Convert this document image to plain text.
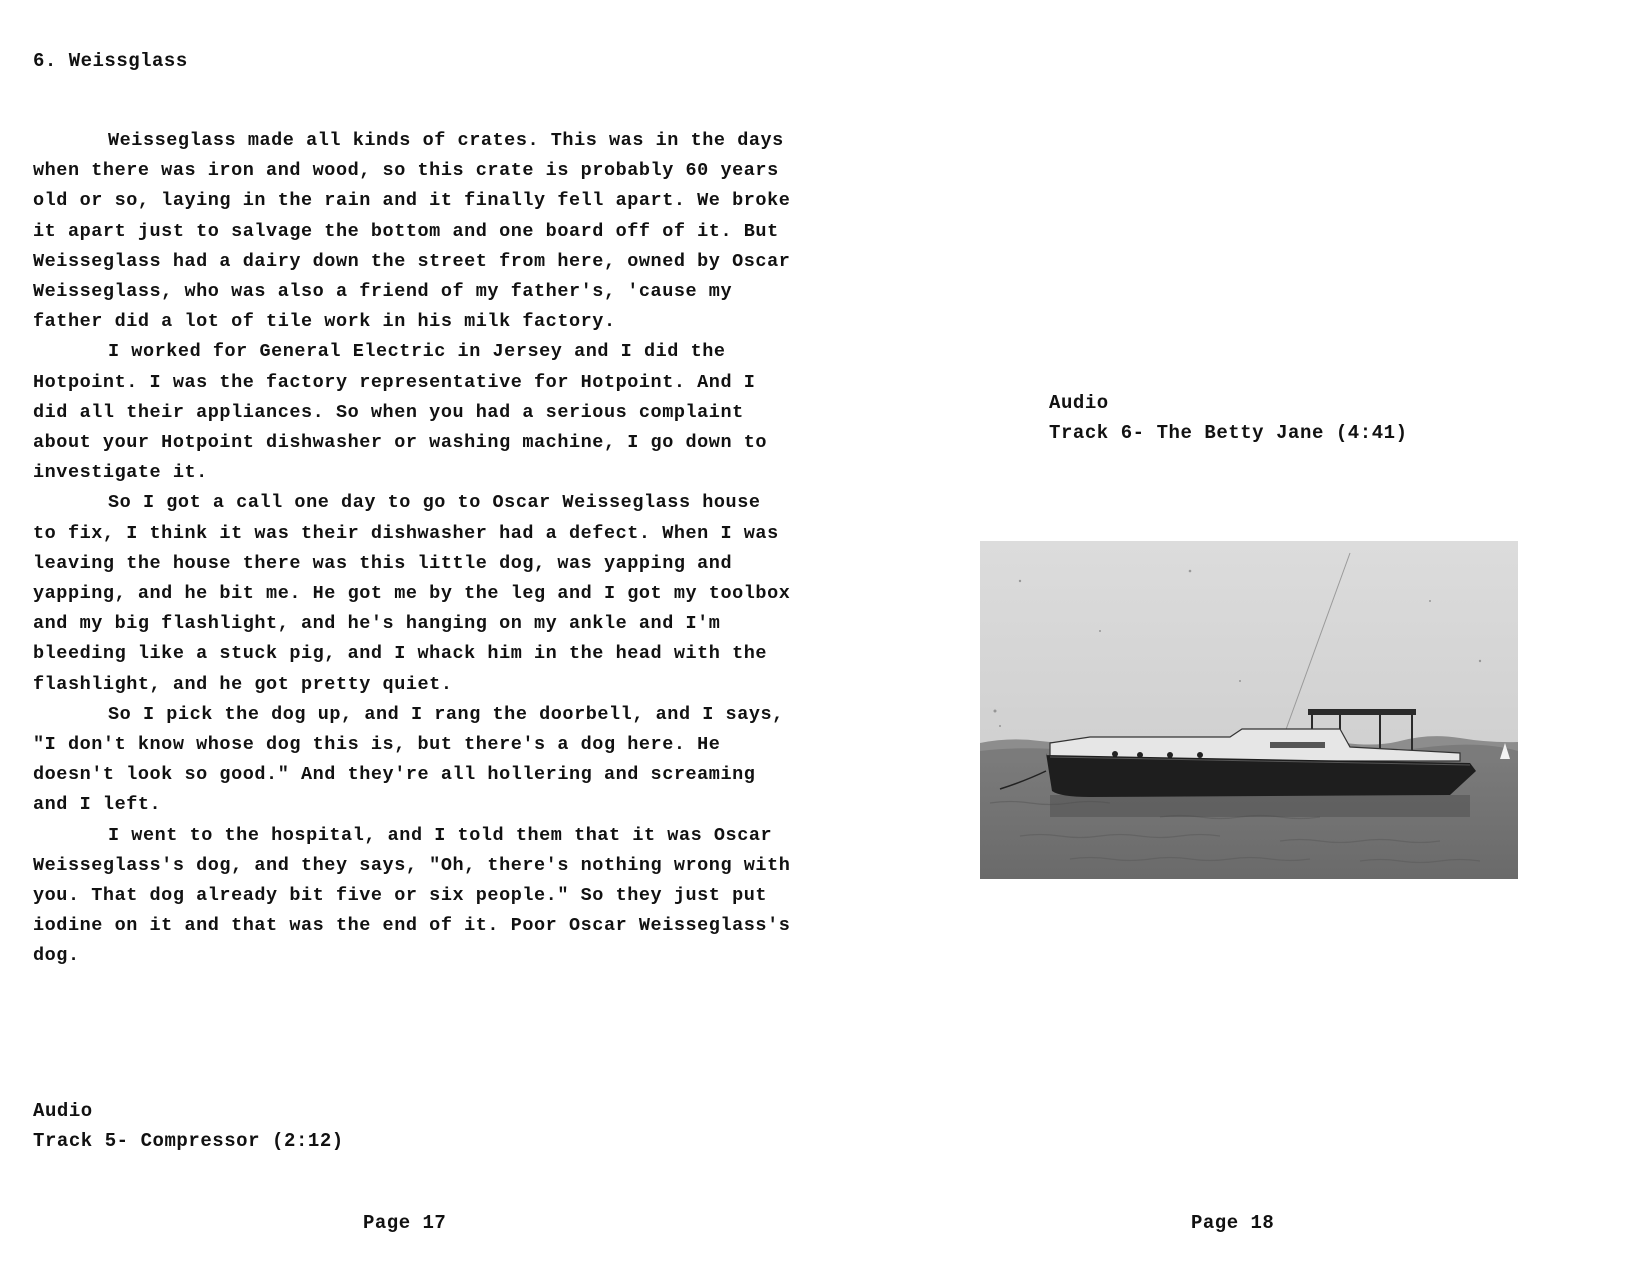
6. Weissglass

Weisseglass made all kinds of crates. This was in the days when there was iron and wood, so this crate is probably 60 years old or so, laying in the rain and it finally fell apart. We broke it apart just to salvage the bottom and one board off of it. But Weisseglass had a dairy down the street from here, owned by Oscar Weisseglass, who was also a friend of my father's, 'cause my father did a lot of tile work in his milk factory.

I worked for General Electric in Jersey and I did the Hotpoint. I was the factory representative for Hotpoint. And I did all their appliances. So when you had a serious complaint about your Hotpoint dishwasher or washing machine, I go down to investigate it.

So I got a call one day to go to Oscar Weisseglass house to fix, I think it was their dishwasher had a defect. When I was leaving the house there was this little dog, was yapping and yapping, and he bit me. He got me by the leg and I got my toolbox and my big flashlight, and he's hanging on my ankle and I'm bleeding like a stuck pig, and I whack him in the head with the flashlight, and he got pretty quiet.

So I pick the dog up, and I rang the doorbell, and I says, "I don't know whose dog this is, but there's a dog here. He doesn't look so good." And they're all hollering and screaming and I left.

I went to the hospital, and I told them that it was Oscar Weisseglass's dog, and they says, "Oh, there's nothing wrong with you. That dog already bit five or six people." So they just put iodine on it and that was the end of it. Poor Oscar Weisseglass's dog.

Audio
Track 5- Compressor (2:12)
Page 17
Audio
Track 6- The Betty Jane (4:41)
Page 18
